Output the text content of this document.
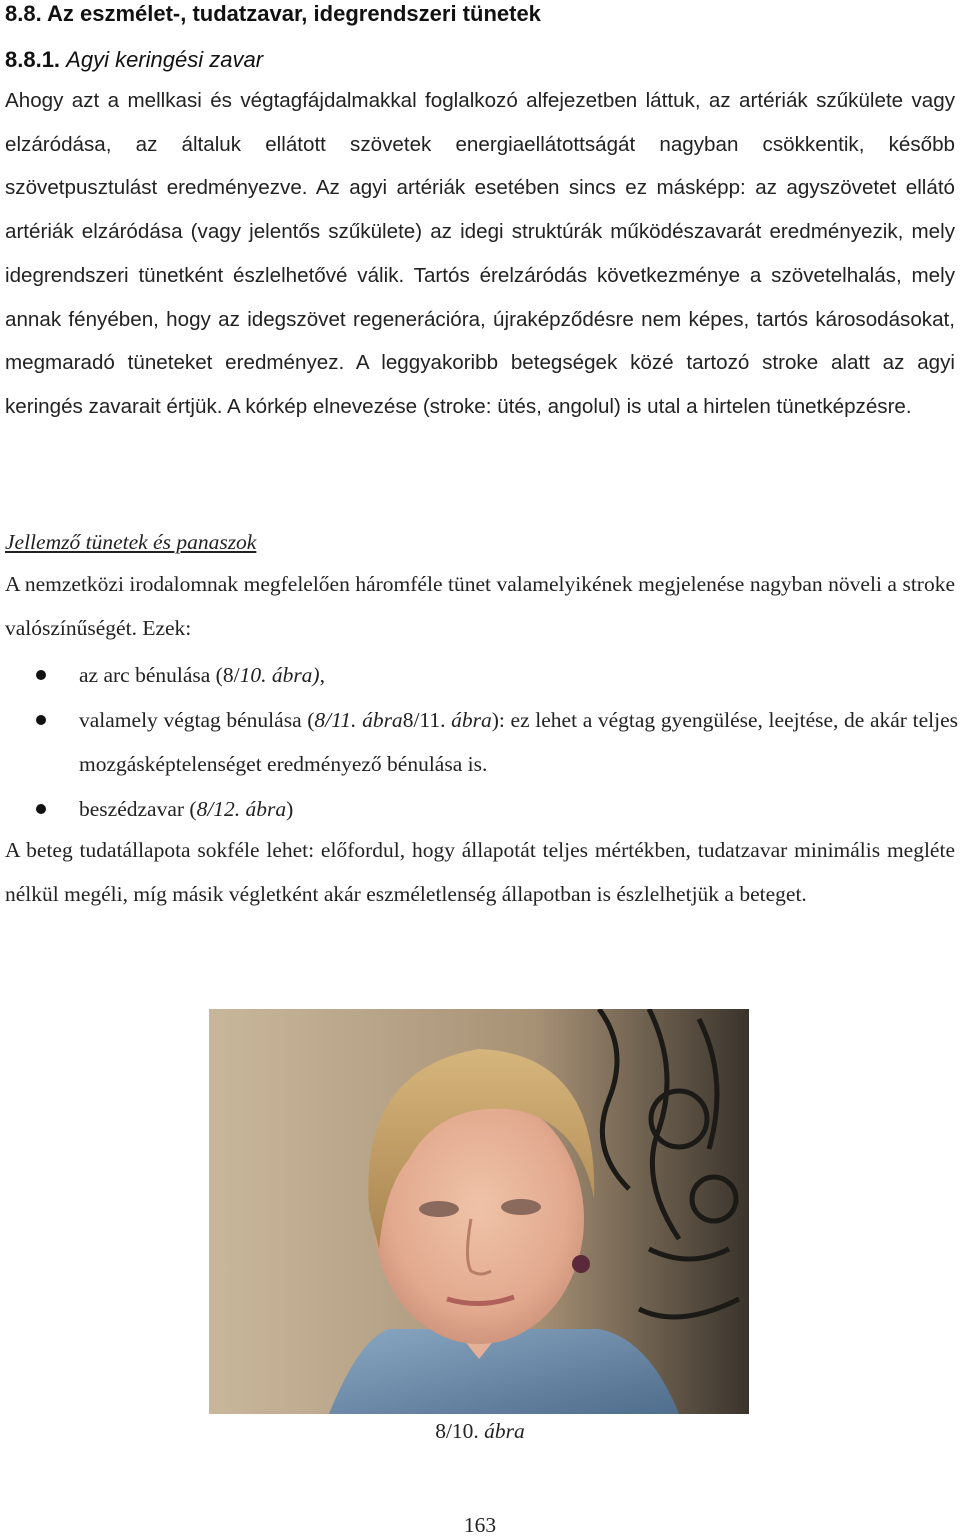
8.8. Az eszmélet-, tudatzavar, idegrendszeri tünetek
8.8.1. Agyi keringési zavar

Ahogy azt a mellkasi és végtagfájdalmakkal foglalkozó alfejezetben láttuk, az artériák szűkülete vagy elzáródása, az általuk ellátott szövetek energiaellátottságát nagyban csökkentik, később szövetpusztulást eredményezve. Az agyi artériák esetében sincs ez másképp: az agyszövetet ellátó artériák elzáródása (vagy jelentős szűkülete) az idegi struktúrák működészavarát eredményezik, mely idegrendszeri tünetként észlelhetővé válik. Tartós érelzáródás következménye a szövetelhalás, mely annak fényében, hogy az idegszövet regenerációra, újraképződésre nem képes, tartós károsodásokat, megmaradó tüneteket eredményez. A leggyakoribb betegségek közé tartozó stroke alatt az agyi keringés zavarait értjük. A kórkép elnevezése (stroke: ütés, angolul) is utal a hirtelen tünetképzésre.

Jellemző tünetek és panaszok

A nemzetközi irodalomnak megfelelően háromféle tünet valamelyikének megjelenése nagyban növeli a stroke valószínűségét. Ezek:

az arc bénulása (8/10. ábra),
valamely végtag bénulása (8/11. ábra8/11. ábra): ez lehet a végtag gyengülése, leejtése, de akár teljes mozgásképtelenséget eredményező bénulása is.
beszédzavar (8/12. ábra)

A beteg tudatállapota sokféle lehet: előfordul, hogy állapotát teljes mértékben, tudatzavar minimális megléte nélkül megéli, míg másik végletként akár eszméletlenség állapotban is észlelhetjük a beteget.

8/10. ábra
163
